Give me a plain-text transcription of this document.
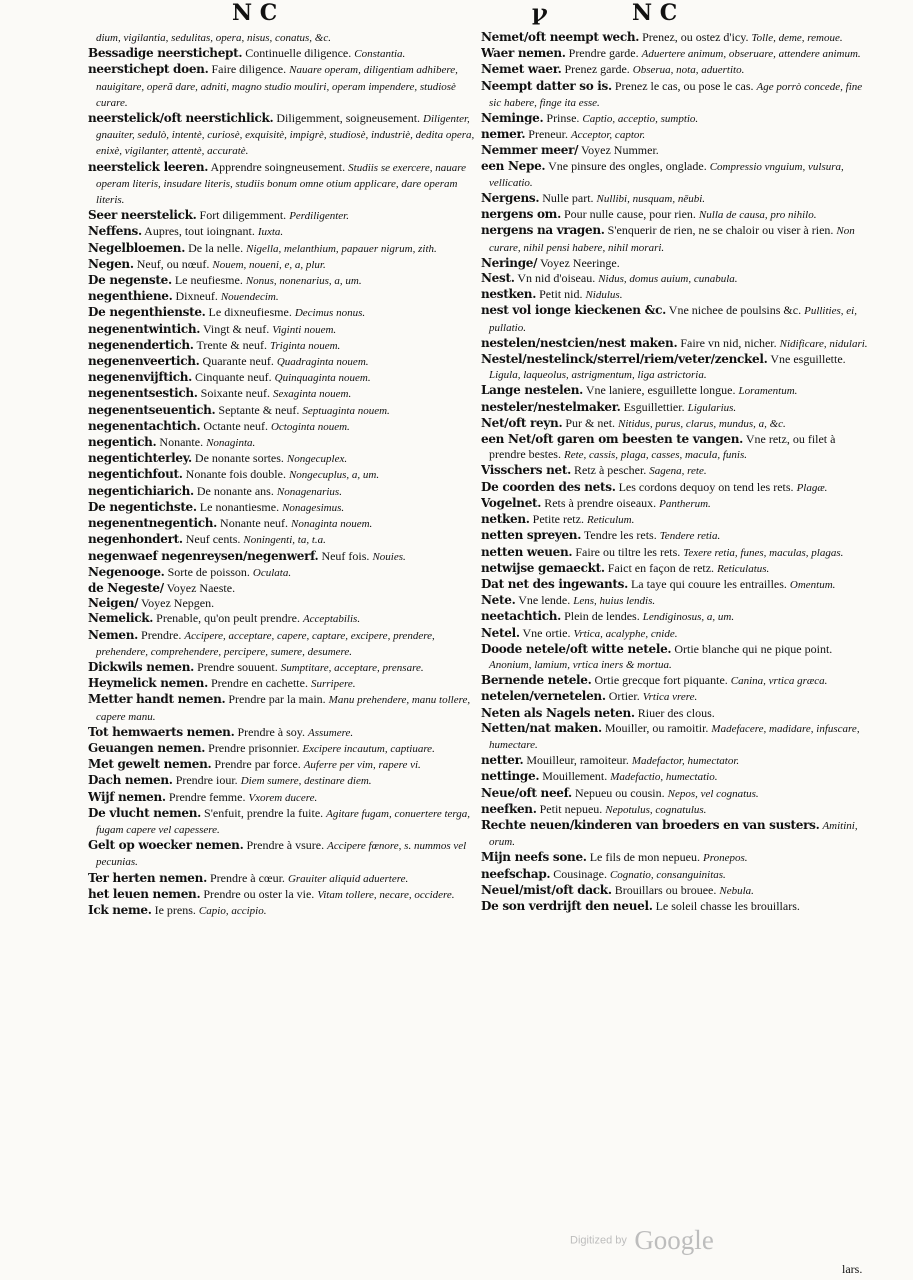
N C	ꝩ	N C

dium, vigilantia, sedulitas, opera, nisus, conatus, &c.

Bessadige neerstichept. Continuelle diligence. Constantia.

neerstichept doen. Faire diligence. Nauare operam, diligentiam adhibere, nauigitare, operã dare, adniti, magno studio mouliri, operam impendere, studiosè curare.

neerstelick/oft neerstichlick. Diligemment, soigneusement. Diligenter, gnauiter, sedulò, intentè, curiosè, exquisitè, impigrè, studiosè, industriè, dedita opera, enixè, vigilanter, attentè, accuratè.

neerstelick leeren. Apprendre soingneusement. Studiis se exercere, nauare operam literis, insudare literis, studiis bonum omne otium applicare, dare operam literis.

Seer neerstelick. Fort diligemment. Perdiligenter.

Neffens. Aupres, tout ioingnant. Iuxta.

Negelbloemen. De la nelle. Nigella, melanthium, papauer nigrum, zith.

Negen. Neuf, ou nœuf. Nouem, noueni, e, a, plur.

De negenste. Le neufiesme. Nonus, nonenarius, a, um.

negenthiene. Dixneuf. Nouendecim.

De negenthienste. Le dixneufiesme. Decimus nonus.

negenentwintich. Vingt & neuf. Viginti nouem.

negenendertich. Trente & neuf. Triginta nouem.

negenenveertich. Quarante neuf. Quadraginta nouem.

negenenvijftich. Cinquante neuf. Quinquaginta nouem.

negenentsestich. Soixante neuf. Sexaginta nouem.

negenentseuentich. Septante & neuf. Septuaginta nouem.

negenentachtich. Octante neuf. Octoginta nouem.

negentich. Nonante. Nonaginta.

negentichterley. De nonante sortes. Nongecuplex.

negentichfout. Nonante fois double. Nongecuplus, a, um.

negentichiarich. De nonante ans. Nonagenarius.

De negentichste. Le nonantiesme. Nonagesimus.

negenentnegentich. Nonante neuf. Nonaginta nouem.

negenhondert. Neuf cents. Noningenti, ta, t.a.

negenwaef negenreysen/negenwerf. Neuf fois. Nouies.

Negenooge. Sorte de poisson. Oculata.

de Negeste/ Voyez Naeste.

Neigen/ Voyez Nepgen.

Nemelick. Prenable, qu'on peult prendre. Acceptabilis.

Nemen. Prendre. Accipere, acceptare, capere, captare, excipere, prendere, prehendere, comprehendere, percipere, sumere, desumere.

Dickwils nemen. Prendre souuent. Sumptitare, acceptare, prensare.

Heymelick nemen. Prendre en cachette. Surripere.

Metter handt nemen. Prendre par la main. Manu prehendere, manu tollere, capere manu.

Tot hemwaerts nemen. Prendre à soy. Assumere.

Geuangen nemen. Prendre prisonnier. Excipere incautum, captiuare.

Met gewelt nemen. Prendre par force. Auferre per vim, rapere vi.

Dach nemen. Prendre iour. Diem sumere, destinare diem.

Wijf nemen. Prendre femme. Vxorem ducere.

De vlucht nemen. S'enfuit, prendre la fuite. Agitare fugam, conuertere terga, fugam capere vel capessere.

Gelt op woecker nemen. Prendre à vsure. Accipere fœnore, s. nummos vel pecunias.

Ter herten nemen. Prendre à cœur. Grauiter aliquid aduertere.

het leuen nemen. Prendre ou oster la vie. Vitam tollere, necare, occidere.

Ick neme. Ie prens. Capio, accipio.

Nemet/oft neempt wech. Prenez, ou ostez d'icy. Tolle, deme, remoue.

Waer nemen. Prendre garde. Aduertere animum, obseruare, attendere animum.

Nemet waer. Prenez garde. Obserua, nota, aduertito.

Neempt datter so is. Prenez le cas, ou pose le cas. Age porrò concede, fine sic habere, finge ita esse.

Neminge. Prinse. Captio, acceptio, sumptio.

nemer. Preneur. Acceptor, captor.

Nemmer meer/ Voyez Nummer.

een Nepe. Vne pinsure des ongles, onglade. Compressio vnguium, vulsura, vellicatio.

Nergens. Nulle part. Nullibi, nusquam, nēubi.

nergens om. Pour nulle cause, pour rien. Nulla de causa, pro nihilo.

nergens na vragen. S'enquerir de rien, ne se chaloir ou viser à rien. Non curare, nihil pensi habere, nihil morari.

Neringe/ Voyez Neeringe.

Nest. Vn nid d'oiseau. Nidus, domus auium, cunabula.

nestken. Petit nid. Nidulus.

nest vol ionge kieckenen &c. Vne nichee de poulsins &c. Pullities, ei, pullatio.

nestelen/nestcien/nest maken. Faire vn nid, nicher. Nidificare, nidulari.

Nestel/nestelinck/sterrel/riem/veter/zenckel. Vne esguillette. Ligula, laqueolus, astrigmentum, liga astrictoria.

Lange nestelen. Vne laniere, esguillette longue. Loramentum.

nesteler/nestelmaker. Esguillettier. Ligularius.

Net/oft reyn. Pur & net. Nitidus, purus, clarus, mundus, a, &c.

een Net/oft garen om beesten te vangen. Vne retz, ou filet à prendre bestes. Rete, cassis, plaga, casses, macula, funis.

Visschers net. Retz à pescher. Sagena, rete.

De coorden des nets. Les cordons dequoy on tend les rets. Plagæ.

Vogelnet. Rets à prendre oiseaux. Pantherum.

netken. Petite retz. Reticulum.

netten spreyen. Tendre les rets. Tendere retia.

netten weuen. Faire ou tiltre les rets. Texere retia, funes, maculas, plagas.

netwijse gemaeckt. Faict en façon de retz. Reticulatus.

Dat net des ingewants. La taye qui couure les entrailles. Omentum.

Nete. Vne lende. Lens, huius lendis.

neetachtich. Plein de lendes. Lendiginosus, a, um.

Netel. Vne ortie. Vrtica, acalyphe, cnide.

Doode netele/oft witte netele. Ortie blanche qui ne pique point. Anonium, lamium, vrtica iners & mortua.

Bernende netele. Ortie grecque fort piquante. Canina, vrtica græca.

netelen/vernetelen. Ortier. Vrtica vrere.

Neten als Nagels neten. Riuer des clous.

Netten/nat maken. Mouiller, ou ramoitir. Madefacere, madidare, infuscare, humectare.

netter. Mouilleur, ramoiteur. Madefactor, humectator.

nettinge. Mouillement. Madefactio, humectatio.

Neue/oft neef. Nepueu ou cousin. Nepos, vel cognatus.

neefken. Petit nepueu. Nepotulus, cognatulus.

Rechte neuen/kinderen van broeders en van susters. Amitini, orum.

Mijn neefs sone. Le fils de mon nepueu. Pronepos.

neefschap. Cousinage. Cognatio, consanguinitas.

Neuel/mist/oft dack. Brouillars ou brouee. Nebula.

De son verdrijft den neuel. Le soleil chasse les brouillars.

Digitized by Google
lars.
